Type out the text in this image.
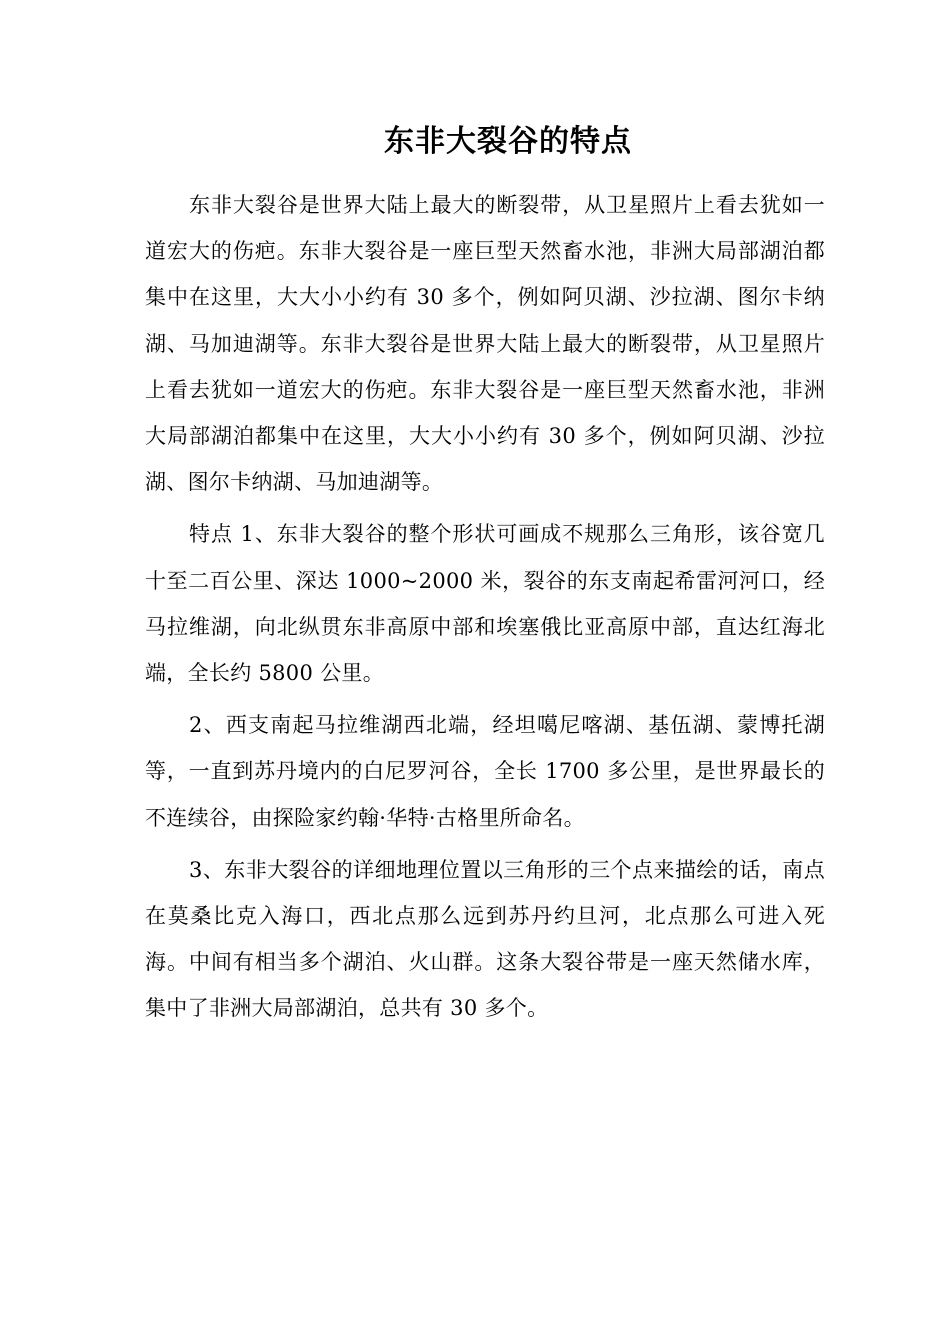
东非大裂谷的特点

东非大裂谷是世界大陆上最大的断裂带，从卫星照片上看去犹如一道宏大的伤疤。东非大裂谷是一座巨型天然畜水池，非洲大局部湖泊都集中在这里，大大小小约有 30 多个，例如阿贝湖、沙拉湖、图尔卡纳湖、马加迪湖等。东非大裂谷是世界大陆上最大的断裂带，从卫星照片上看去犹如一道宏大的伤疤。东非大裂谷是一座巨型天然畜水池，非洲大局部湖泊都集中在这里，大大小小约有 30 多个，例如阿贝湖、沙拉湖、图尔卡纳湖、马加迪湖等。

特点 1、东非大裂谷的整个形状可画成不规那么三角形，该谷宽几十至二百公里、深达 1000~2000 米，裂谷的东支南起希雷河河口，经马拉维湖，向北纵贯东非高原中部和埃塞俄比亚高原中部，直达红海北端，全长约 5800 公里。

2、西支南起马拉维湖西北端，经坦噶尼喀湖、基伍湖、蒙博托湖等，一直到苏丹境内的白尼罗河谷，全长 1700 多公里，是世界最长的不连续谷，由探险家约翰·华特·古格里所命名。

3、东非大裂谷的详细地理位置以三角形的三个点来描绘的话，南点在莫桑比克入海口，西北点那么远到苏丹约旦河，北点那么可进入死海。中间有相当多个湖泊、火山群。这条大裂谷带是一座天然储水库，集中了非洲大局部湖泊，总共有 30 多个。
